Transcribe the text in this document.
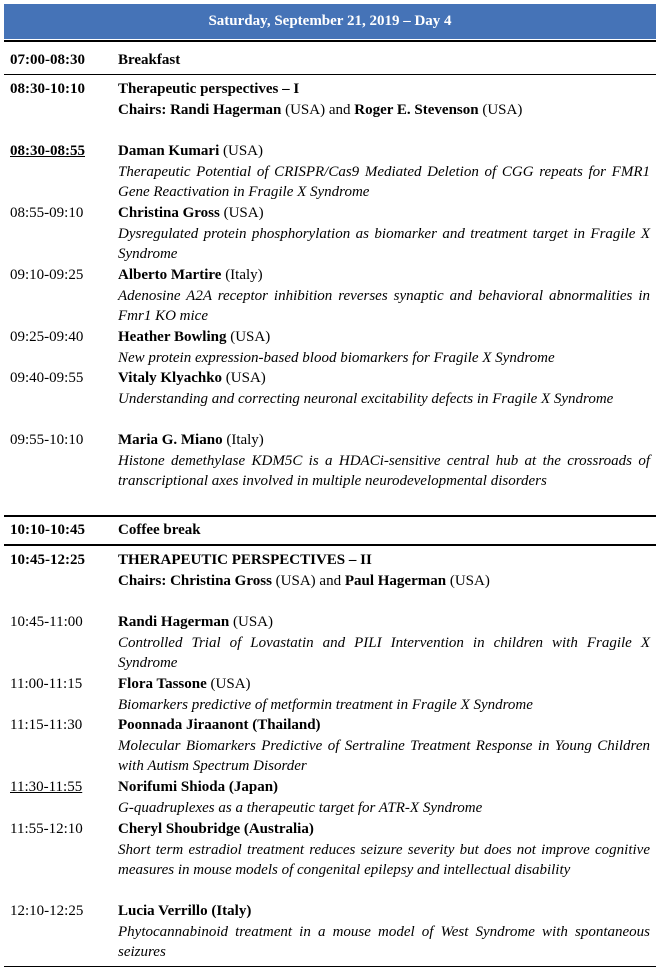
Saturday, September 21, 2019 – Day 4
07:00-08:30	Breakfast
08:30-10:10	Therapeutic perspectives – I
Chairs: Randi Hagerman (USA) and Roger E. Stevenson (USA)
08:30-08:55	Daman Kumari (USA)
Therapeutic Potential of CRISPR/Cas9 Mediated Deletion of CGG repeats for FMR1 Gene Reactivation in Fragile X Syndrome
08:55-09:10	Christina Gross (USA)
Dysregulated protein phosphorylation as biomarker and treatment target in Fragile X Syndrome
09:10-09:25	Alberto Martire (Italy)
Adenosine A2A receptor inhibition reverses synaptic and behavioral abnormalities in Fmr1 KO mice
09:25-09:40	Heather Bowling (USA)
New protein expression-based blood biomarkers for Fragile X Syndrome
09:40-09:55	Vitaly Klyachko (USA)
Understanding and correcting neuronal excitability defects in Fragile X Syndrome
09:55-10:10	Maria G. Miano (Italy)
Histone demethylase KDM5C is a HDACi-sensitive central hub at the crossroads of transcriptional axes involved in multiple neurodevelopmental disorders
10:10-10:45	Coffee break
10:45-12:25	THERAPEUTIC PERSPECTIVES – II
Chairs: Christina Gross (USA) and Paul Hagerman (USA)
10:45-11:00	Randi Hagerman (USA)
Controlled Trial of Lovastatin and PILI Intervention in children with Fragile X Syndrome
11:00-11:15	Flora Tassone (USA)
Biomarkers predictive of metformin treatment in Fragile X Syndrome
11:15-11:30	Poonnada Jiraanont (Thailand)
Molecular Biomarkers Predictive of Sertraline Treatment Response in Young Children with Autism Spectrum Disorder
11:30-11:55	Norifumi Shioda (Japan)
G-quadruplexes as a therapeutic target for ATR-X Syndrome
11:55-12:10	Cheryl Shoubridge (Australia)
Short term estradiol treatment reduces seizure severity but does not improve cognitive measures in mouse models of congenital epilepsy and intellectual disability
12:10-12:25	Lucia Verrillo (Italy)
Phytocannabinoid treatment in a mouse model of West Syndrome with spontaneous seizures
